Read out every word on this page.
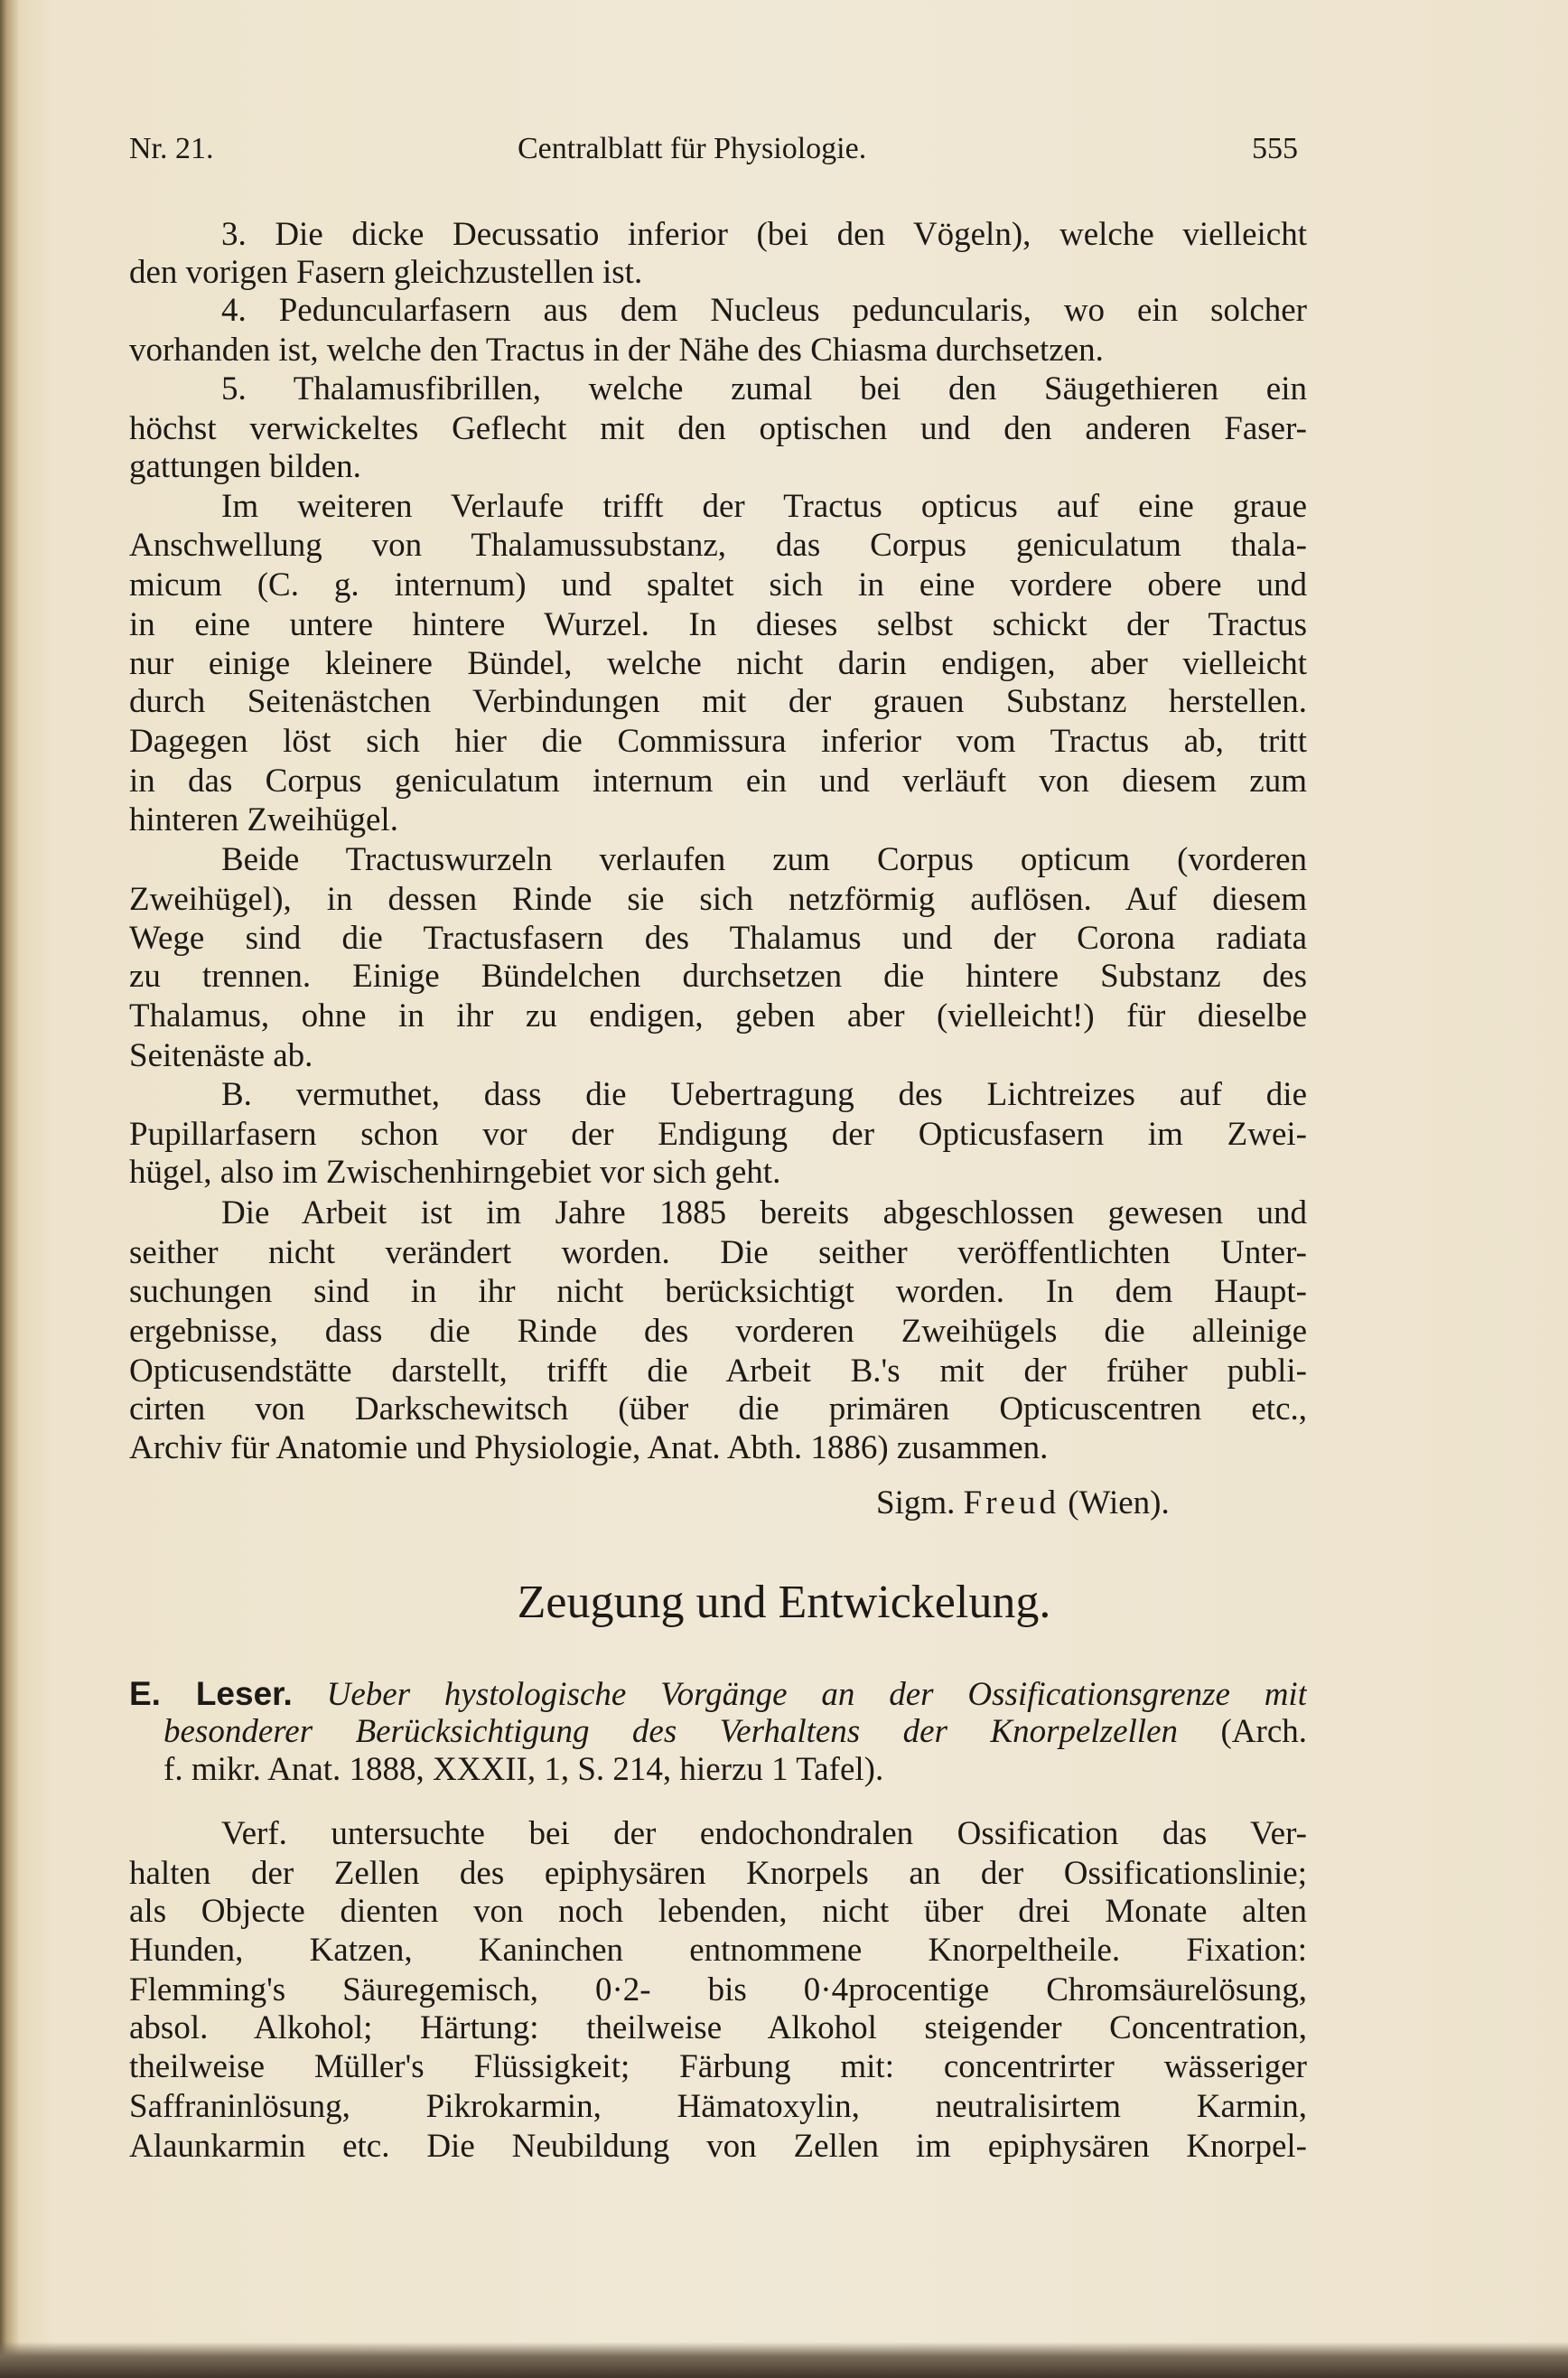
Nr. 21.	Centralblatt für Physiologie.	555
3. Die dicke Decussatio inferior (bei den Vögeln), welche vielleicht
den vorigen Fasern gleichzustellen ist.
4. Peduncularfasern aus dem Nucleus peduncularis, wo ein solcher
vorhanden ist, welche den Tractus in der Nähe des Chiasma durchsetzen.
5. Thalamusfibrillen, welche zumal bei den Säugethieren ein
höchst verwickeltes Geflecht mit den optischen und den anderen Faser-
gattungen bilden.
Im weiteren Verlaufe trifft der Tractus opticus auf eine graue
Anschwellung von Thalamussubstanz, das Corpus geniculatum thala-
micum (C. g. internum) und spaltet sich in eine vordere obere und
in eine untere hintere Wurzel. In dieses selbst schickt der Tractus
nur einige kleinere Bündel, welche nicht darin endigen, aber vielleicht
durch Seitenästchen Verbindungen mit der grauen Substanz herstellen.
Dagegen löst sich hier die Commissura inferior vom Tractus ab, tritt
in das Corpus geniculatum internum ein und verläuft von diesem zum
hinteren Zweihügel.
Beide Tractuswurzeln verlaufen zum Corpus opticum (vorderen
Zweihügel), in dessen Rinde sie sich netzförmig auflösen. Auf diesem
Wege sind die Tractusfasern des Thalamus und der Corona radiata
zu trennen. Einige Bündelchen durchsetzen die hintere Substanz des
Thalamus, ohne in ihr zu endigen, geben aber (vielleicht!) für dieselbe
Seitenäste ab.
B. vermuthet, dass die Uebertragung des Lichtreizes auf die
Pupillarfasern schon vor der Endigung der Opticusfasern im Zwei-
hügel, also im Zwischenhirngebiet vor sich geht.
Die Arbeit ist im Jahre 1885 bereits abgeschlossen gewesen und
seither nicht verändert worden. Die seither veröffentlichten Unter-
suchungen sind in ihr nicht berücksichtigt worden. In dem Haupt-
ergebnisse, dass die Rinde des vorderen Zweihügels die alleinige
Opticusendstätte darstellt, trifft die Arbeit B.'s mit der früher publi-
cirten von Darkschewitsch (über die primären Opticuscentren etc.,
Archiv für Anatomie und Physiologie, Anat. Abth. 1886) zusammen.
Sigm. Freud (Wien).
Zeugung und Entwickelung.
E. Leser. Ueber hystologische Vorgänge an der Ossificationsgrenze mit
besonderer Berücksichtigung des Verhaltens der Knorpelzellen (Arch.
f. mikr. Anat. 1888, XXXII, 1, S. 214, hierzu 1 Tafel).
Verf. untersuchte bei der endochondralen Ossification das Ver-
halten der Zellen des epiphysären Knorpels an der Ossificationslinie;
als Objecte dienten von noch lebenden, nicht über drei Monate alten
Hunden, Katzen, Kaninchen entnommene Knorpeltheile. Fixation:
Flemming's Säuregemisch, 0·2- bis 0·4procentige Chromsäurelösung,
absol. Alkohol; Härtung: theilweise Alkohol steigender Concentration,
theilweise Müller's Flüssigkeit; Färbung mit: concentrirter wässeriger
Saffraninlösung, Pikrokarmin, Hämatoxylin, neutralisirtem Karmin,
Alaunkarmin etc. Die Neubildung von Zellen im epiphysären Knorpel-
